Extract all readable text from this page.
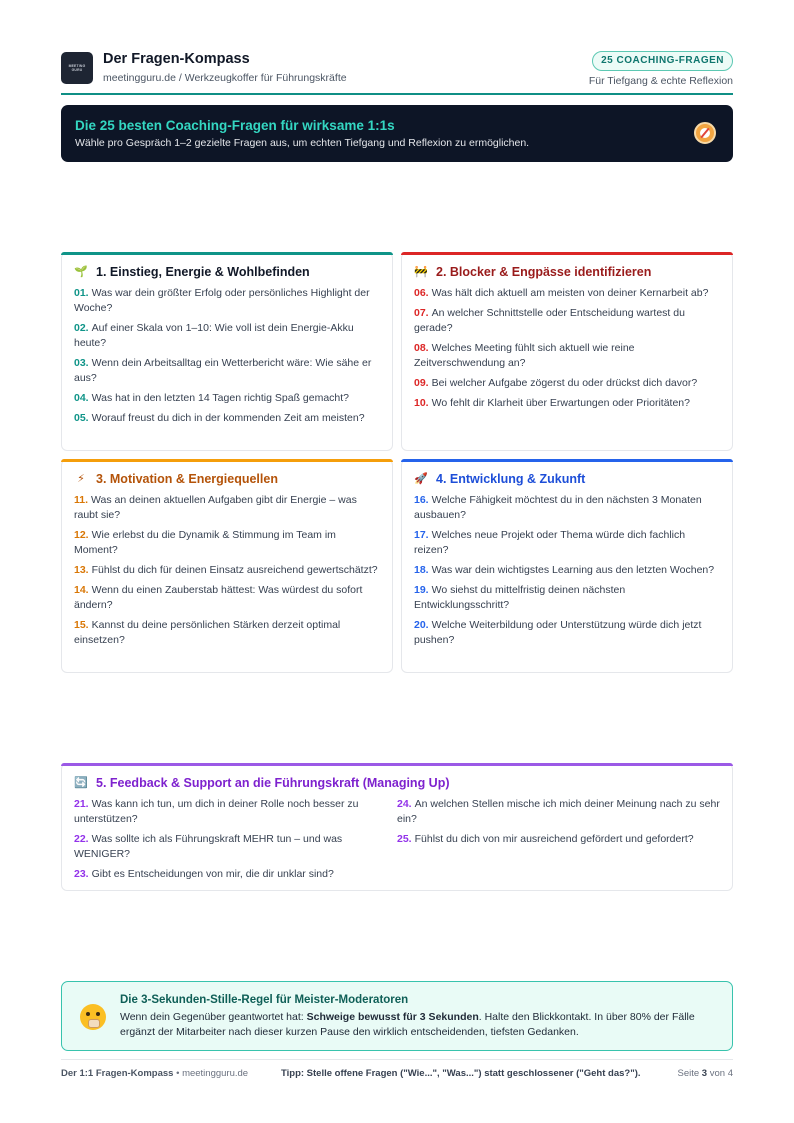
MEETING
GURU
Der Fragen-Kompass
meetingguru.de / Werkzeugkoffer für Führungskräfte
25 COACHING-FRAGEN
Für Tiefgang & echte Reflexion
Die 25 besten Coaching-Fragen für wirksame 1:1s
Wähle pro Gespräch 1–2 gezielte Fragen aus, um echten Tiefgang und Reflexion zu ermöglichen.
🌱 1. Einstieg, Energie & Wohlbefinden
01. Was war dein größter Erfolg oder persönliches Highlight der Woche?
02. Auf einer Skala von 1–10: Wie voll ist dein Energie-Akku heute?
03. Wenn dein Arbeitsalltag ein Wetterbericht wäre: Wie sähe er aus?
04. Was hat in den letzten 14 Tagen richtig Spaß gemacht?
05. Worauf freust du dich in der kommenden Zeit am meisten?
🚧 2. Blocker & Engpässe identifizieren
06. Was hält dich aktuell am meisten von deiner Kernarbeit ab?
07. An welcher Schnittstelle oder Entscheidung wartest du gerade?
08. Welches Meeting fühlt sich aktuell wie reine Zeitverschwendung an?
09. Bei welcher Aufgabe zögerst du oder drückst dich davor?
10. Wo fehlt dir Klarheit über Erwartungen oder Prioritäten?
⚡ 3. Motivation & Energiequellen
11. Was an deinen aktuellen Aufgaben gibt dir Energie – was raubt sie?
12. Wie erlebst du die Dynamik & Stimmung im Team im Moment?
13. Fühlst du dich für deinen Einsatz ausreichend gewertschätzt?
14. Wenn du einen Zauberstab hättest: Was würdest du sofort ändern?
15. Kannst du deine persönlichen Stärken derzeit optimal einsetzen?
🚀 4. Entwicklung & Zukunft
16. Welche Fähigkeit möchtest du in den nächsten 3 Monaten ausbauen?
17. Welches neue Projekt oder Thema würde dich fachlich reizen?
18. Was war dein wichtigstes Learning aus den letzten Wochen?
19. Wo siehst du mittelfristig deinen nächsten Entwicklungsschritt?
20. Welche Weiterbildung oder Unterstützung würde dich jetzt pushen?
🔄 5. Feedback & Support an die Führungskraft (Managing Up)
21. Was kann ich tun, um dich in deiner Rolle noch besser zu unterstützen?
22. Was sollte ich als Führungskraft MEHR tun – und was WENIGER?
23. Gibt es Entscheidungen von mir, die dir unklar sind?
24. An welchen Stellen mische ich mich deiner Meinung nach zu sehr ein?
25. Fühlst du dich von mir ausreichend gefördert und gefordert?
Die 3-Sekunden-Stille-Regel für Meister-Moderatoren
Wenn dein Gegenüber geantwortet hat: Schweige bewusst für 3 Sekunden. Halte den Blickkontakt. In über 80% der Fälle ergänzt der Mitarbeiter nach dieser kurzen Pause den wirklich entscheidenden, tiefsten Gedanken.
Der 1:1 Fragen-Kompass • meetingguru.de	Tipp: Stelle offene Fragen ("Wie...", "Was...") statt geschlossener ("Geht das?").	Seite 3 von 4
